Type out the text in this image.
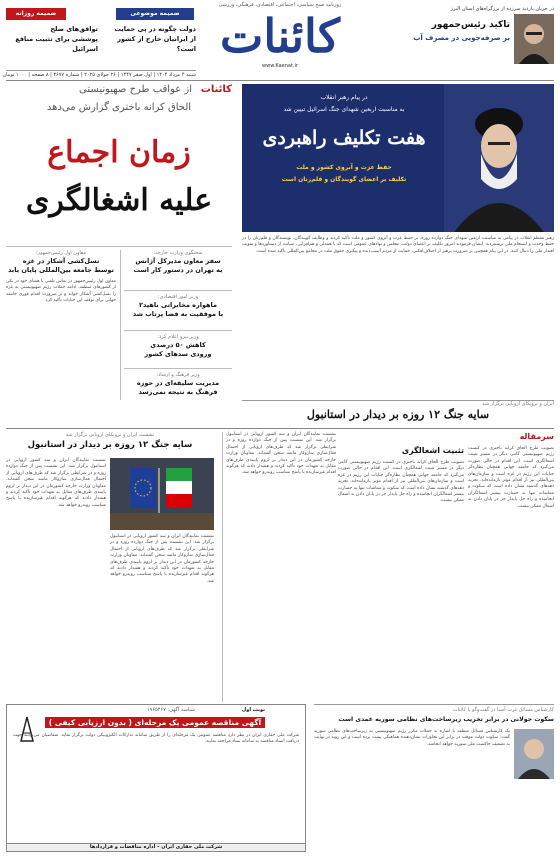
در جریان بازدید سرزده از بزرگراه‌های استان البرز
تاکید رئیس‌جمهور
بر صرفه‌جویی در مصرف آب
روزنامه صبح سیاسی، اجتماعی، اقتصادی، فرهنگی، ورزشی
کائنات
www.Kaenat.ir
ضمیمه روزانه	ضمیمه موضوعی
دولت چگونه در پی حمایت
از ایرانیان خارج از کشور است؟
توافق‌های صلح
پوششی برای تثبیت منافع اسرائیل
شنبه ۴ مرداد ۱۴۰۴ | اول صفر ۱۴۴۷ | ۲۶ جولای ۲۰۲۵ | شماره ۴۶۷۷ | ۸ صفحه | ۱۰۰۰ تومان
در پیام رهبر انقلاب
به مناسبت اربعین شهدای جنگ اسرائیل تبیین شد
هفت تکلیف راهبردی
حفظ عزت و آبروی کشور و ملت
تکلیف بر اعضای گویندگان و قلم‌زنان است
رهبر معظم انقلاب در پیامی به مناسبت اربعین شهدای جنگ دوازده روزه، بر حفظ عزت و آبروی کشور و ملت تأکید کردند و وظایف گویندگان، نویسندگان و قلم‌زنان را در حفظ وحدت و انسجام ملی برشمردند. ایشان فرمودند امروز تکلیف بر اعضای دولت، مجلس و نهادهای عمومی است که با همدلی و هم‌افزایی، صیانت از دستاوردها و تقویت اقتدار ملی را دنبال کنند. در این پیام همچنین بر ضرورت پرهیز از اختلاف‌افکنی، حمایت از مردم آسیب‌دیده و پیگیری حقوق ملت در مجامع بین‌المللی تأکید شده است.
کائنات
از عواقب طرح صهیونیستی
الحاق کرانه باختری گزارش می‌دهد
زمان اجماع
علیه اشغالگری
معاون اول رئیس‌جمهور:
نسل‌کشی آشکار در غزه
توسط جامعه بین‌المللی پایان یابد
معاون اول رئیس‌جمهور در تماس تلفنی با همتای خود در یکی از کشورهای منطقه، ادامه حملات رژیم صهیونیستی به غزه را نسل‌کشی آشکار خواند و بر ضرورت اقدام فوری جامعه جهانی برای توقف این جنایات تأکید کرد.
سخنگوی وزارت خارجه:
سفر معاون مدیرکل آژانس
به تهران در دستور کار است
وزیر امور اقتصادی:
ماهواره مخابراتی ناهید۲
با موفقیت به فضا پرتاب شد
وزیر نیرو اعلام کرد:
کاهش ۵۰ درصدی
ورودی سدهای کشور
وزیر فرهنگ و ارشاد:
مدیریت سلیقه‌ای در حوزه
فرهنگ به نتیجه نمی‌رسد
ایران و ترویکای اروپایی برگزار شد
سایه جنگ ۱۲ روزه بر دیدار در استانبول
نشست ایران و ترویکای اروپایی برگزار شد
سایه جنگ ۱۲ روزه بر دیدار در استانبول
نشست نمایندگان ایران و سه کشور اروپایی در استانبول برگزار شد. این نشست پس از جنگ دوازده روزه و در شرایطی برگزار شد که طرف‌های اروپایی از احتمال فعال‌سازی سازوکار ماشه سخن گفته‌اند. معاونان وزارت خارجه کشورمان در این دیدار بر لزوم پایبندی طرف‌های مقابل به تعهدات خود تأکید کردند و هشدار دادند که هرگونه اقدام غیرسازنده با پاسخ متناسب روبه‌رو خواهد شد.
نشست نمایندگان ایران و سه کشور اروپایی در استانبول برگزار شد. این نشست پس از جنگ دوازده روزه و در شرایطی برگزار شد که طرف‌های اروپایی از احتمال فعال‌سازی سازوکار ماشه سخن گفته‌اند. معاونان وزارت خارجه کشورمان در این دیدار بر لزوم پایبندی طرف‌های مقابل به تعهدات خود تأکید کردند و هشدار دادند که هرگونه اقدام غیرسازنده با پاسخ متناسب روبه‌رو خواهد شد.
سرمقاله
تثبیت اشغالگری تصویب طرح الحاق کرانه باختری در کنست رژیم صهیونیستی گامی دیگر در مسیر تثبیت اشغالگری است. این اقدام در حالی صورت می‌گیرد که جامعه جهانی همچنان نظاره‌گر جنایات این رژیم در غزه است و سازمان‌های بین‌المللی نیز از اقدام مؤثر بازمانده‌اند. تجربه دهه‌های گذشته نشان داده است که سکوت و مماشات تنها به جسارت بیشتر اشغالگران انجامیده و راه حل پایدار جز در پایان دادن به اشغال ممکن نیست.
تصویب طرح الحاق کرانه باختری در کنست رژیم صهیونیستی گامی دیگر در مسیر تثبیت اشغالگری است. این اقدام در حالی صورت می‌گیرد که جامعه جهانی همچنان نظاره‌گر جنایات این رژیم در غزه است و سازمان‌های بین‌المللی نیز از اقدام مؤثر بازمانده‌اند. تجربه دهه‌های گذشته نشان داده است که سکوت و مماشات تنها به جسارت بیشتر اشغالگران انجامیده و راه حل پایدار جز در پایان دادن به اشغال ممکن نیست.
نشست نمایندگان ایران و سه کشور اروپایی در استانبول برگزار شد. این نشست پس از جنگ دوازده روزه و در شرایطی برگزار شد که طرف‌های اروپایی از احتمال فعال‌سازی سازوکار ماشه سخن گفته‌اند. معاونان وزارت خارجه کشورمان در این دیدار بر لزوم پایبندی طرف‌های مقابل به تعهدات خود تأکید کردند و هشدار دادند که هرگونه اقدام غیرسازنده با پاسخ متناسب روبه‌رو خواهد شد.
کارشناس مسائل غرب آسیا در گفت‌وگو با کائنات
سکوت جولانی در برابر تخریب زیرساخت‌های نظامی سوریه عمدی است
یک کارشناس مسائل منطقه با اشاره به حملات مکرر رژیم صهیونیستی به زیرساخت‌های نظامی سوریه گفت: سکوت دولت موقت در برابر این تجاوزات نشان‌دهنده هماهنگی پشت پرده است و این روند در نهایت به تضعیف حاکمیت ملی سوریه خواهد انجامید.
نوبت اول
شناسه آگهی: ۱۹۶۵۴۶۷
آگهی مناقصه عمومی یک مرحله‌ای ( بدون ارزیابی کیفی )
شرکت ملی حفاری ایران در نظر دارد مناقصه عمومی یک مرحله‌ای را از طریق سامانه تدارکات الکترونیکی دولت برگزار نماید. متقاضیان می‌توانند جهت دریافت اسناد مناقصه به سامانه ستاد مراجعه نمایند.
شرکت ملی حفاری ایران – اداره مناقصات و قراردادها
